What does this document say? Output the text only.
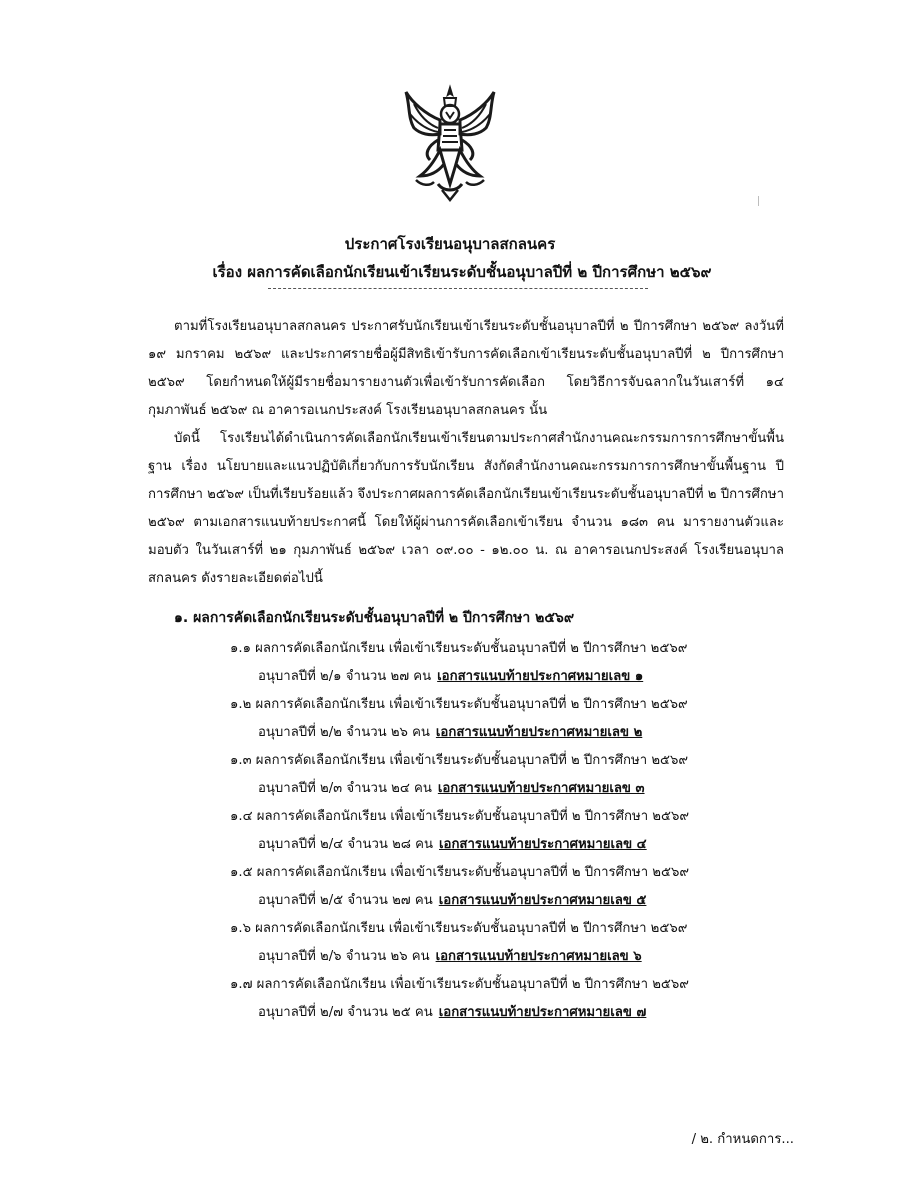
ประกาศโรงเรียนอนุบาลสกลนคร
เรื่อง ผลการคัดเลือกนักเรียนเข้าเรียนระดับชั้นอนุบาลปีที่ ๒ ปีการศึกษา ๒๕๖๙

ตามที่โรงเรียนอนุบาลสกลนคร ประกาศรับนักเรียนเข้าเรียนระดับชั้นอนุบาลปีที่ ๒ ปีการศึกษา ๒๕๖๙ ลงวันที่ ๑๙ มกราคม ๒๕๖๙ และประกาศรายชื่อผู้มีสิทธิเข้ารับการคัดเลือกเข้าเรียนระดับชั้นอนุบาลปีที่ ๒ ปีการศึกษา ๒๕๖๙ โดยกำหนดให้ผู้มีรายชื่อมารายงานตัวเพื่อเข้ารับการคัดเลือก โดยวิธีการจับฉลากในวันเสาร์ที่ ๑๔ กุมภาพันธ์ ๒๕๖๙ ณ อาคารอเนกประสงค์ โรงเรียนอนุบาลสกลนคร นั้น

บัดนี้ โรงเรียนได้ดำเนินการคัดเลือกนักเรียนเข้าเรียนตามประกาศสำนักงานคณะกรรมการการศึกษาขั้นพื้นฐาน เรื่อง นโยบายและแนวปฏิบัติเกี่ยวกับการรับนักเรียน สังกัดสำนักงานคณะกรรมการการศึกษาขั้นพื้นฐาน ปีการศึกษา ๒๕๖๙ เป็นที่เรียบร้อยแล้ว จึงประกาศผลการคัดเลือกนักเรียนเข้าเรียนระดับชั้นอนุบาลปีที่ ๒ ปีการศึกษา ๒๕๖๙ ตามเอกสารแนบท้ายประกาศนี้ โดยให้ผู้ผ่านการคัดเลือกเข้าเรียน จำนวน ๑๘๓ คน มารายงานตัวและมอบตัว ในวันเสาร์ที่ ๒๑ กุมภาพันธ์ ๒๕๖๙ เวลา ๐๙.๐๐ - ๑๒.๐๐ น. ณ อาคารอเนกประสงค์ โรงเรียนอนุบาลสกลนคร ดังรายละเอียดต่อไปนี้

๑. ผลการคัดเลือกนักเรียนระดับชั้นอนุบาลปีที่ ๒ ปีการศึกษา ๒๕๖๙
๑.๑ ผลการคัดเลือกนักเรียน เพื่อเข้าเรียนระดับชั้นอนุบาลปีที่ ๒ ปีการศึกษา ๒๕๖๙
อนุบาลปีที่ ๒/๑ จำนวน ๒๗ คน เอกสารแนบท้ายประกาศหมายเลข ๑
๑.๒ ผลการคัดเลือกนักเรียน เพื่อเข้าเรียนระดับชั้นอนุบาลปีที่ ๒ ปีการศึกษา ๒๕๖๙
อนุบาลปีที่ ๒/๒ จำนวน ๒๖ คน เอกสารแนบท้ายประกาศหมายเลข ๒
๑.๓ ผลการคัดเลือกนักเรียน เพื่อเข้าเรียนระดับชั้นอนุบาลปีที่ ๒ ปีการศึกษา ๒๕๖๙
อนุบาลปีที่ ๒/๓ จำนวน ๒๔ คน เอกสารแนบท้ายประกาศหมายเลข ๓
๑.๔ ผลการคัดเลือกนักเรียน เพื่อเข้าเรียนระดับชั้นอนุบาลปีที่ ๒ ปีการศึกษา ๒๕๖๙
อนุบาลปีที่ ๒/๔ จำนวน ๒๘ คน เอกสารแนบท้ายประกาศหมายเลข ๔
๑.๕ ผลการคัดเลือกนักเรียน เพื่อเข้าเรียนระดับชั้นอนุบาลปีที่ ๒ ปีการศึกษา ๒๕๖๙
อนุบาลปีที่ ๒/๕ จำนวน ๒๗ คน เอกสารแนบท้ายประกาศหมายเลข ๕
๑.๖ ผลการคัดเลือกนักเรียน เพื่อเข้าเรียนระดับชั้นอนุบาลปีที่ ๒ ปีการศึกษา ๒๕๖๙
อนุบาลปีที่ ๒/๖ จำนวน ๒๖ คน เอกสารแนบท้ายประกาศหมายเลข ๖
๑.๗ ผลการคัดเลือกนักเรียน เพื่อเข้าเรียนระดับชั้นอนุบาลปีที่ ๒ ปีการศึกษา ๒๕๖๙
อนุบาลปีที่ ๒/๗ จำนวน ๒๕ คน เอกสารแนบท้ายประกาศหมายเลข ๗
/ ๒. กำหนดการ...
